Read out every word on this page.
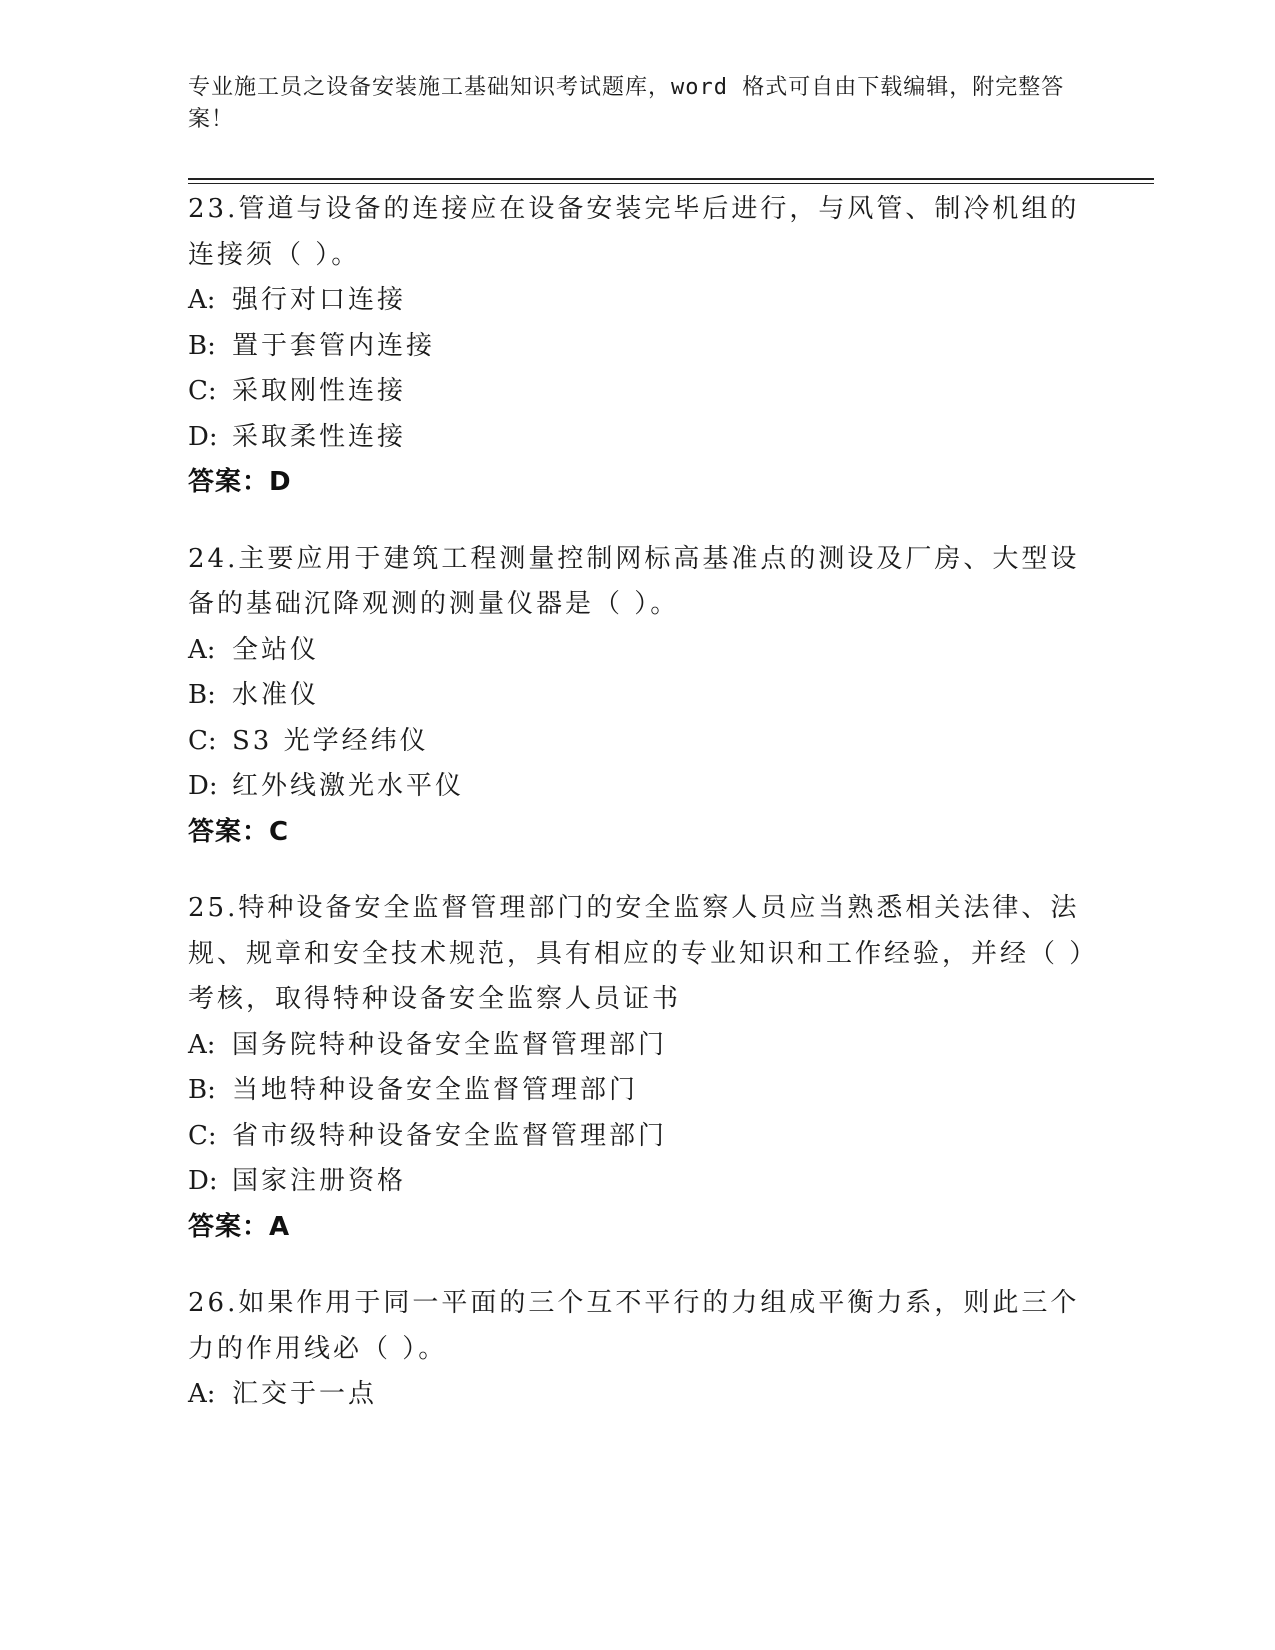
专业施工员之设备安装施工基础知识考试题库，word 格式可自由下载编辑，附完整答案！
23.管道与设备的连接应在设备安装完毕后进行，与风管、制冷机组的连接须（ ）。
A: 强行对口连接
B: 置于套管内连接
C: 采取刚性连接
D: 采取柔性连接
答案：D
24.主要应用于建筑工程测量控制网标高基准点的测设及厂房、大型设备的基础沉降观测的测量仪器是（ ）。
A: 全站仪
B: 水准仪
C: S3 光学经纬仪
D: 红外线激光水平仪
答案：C
25.特种设备安全监督管理部门的安全监察人员应当熟悉相关法律、法规、规章和安全技术规范，具有相应的专业知识和工作经验，并经（ ）考核，取得特种设备安全监察人员证书
A: 国务院特种设备安全监督管理部门
B: 当地特种设备安全监督管理部门
C: 省市级特种设备安全监督管理部门
D: 国家注册资格
答案：A
26.如果作用于同一平面的三个互不平行的力组成平衡力系，则此三个力的作用线必（ ）。
A: 汇交于一点
